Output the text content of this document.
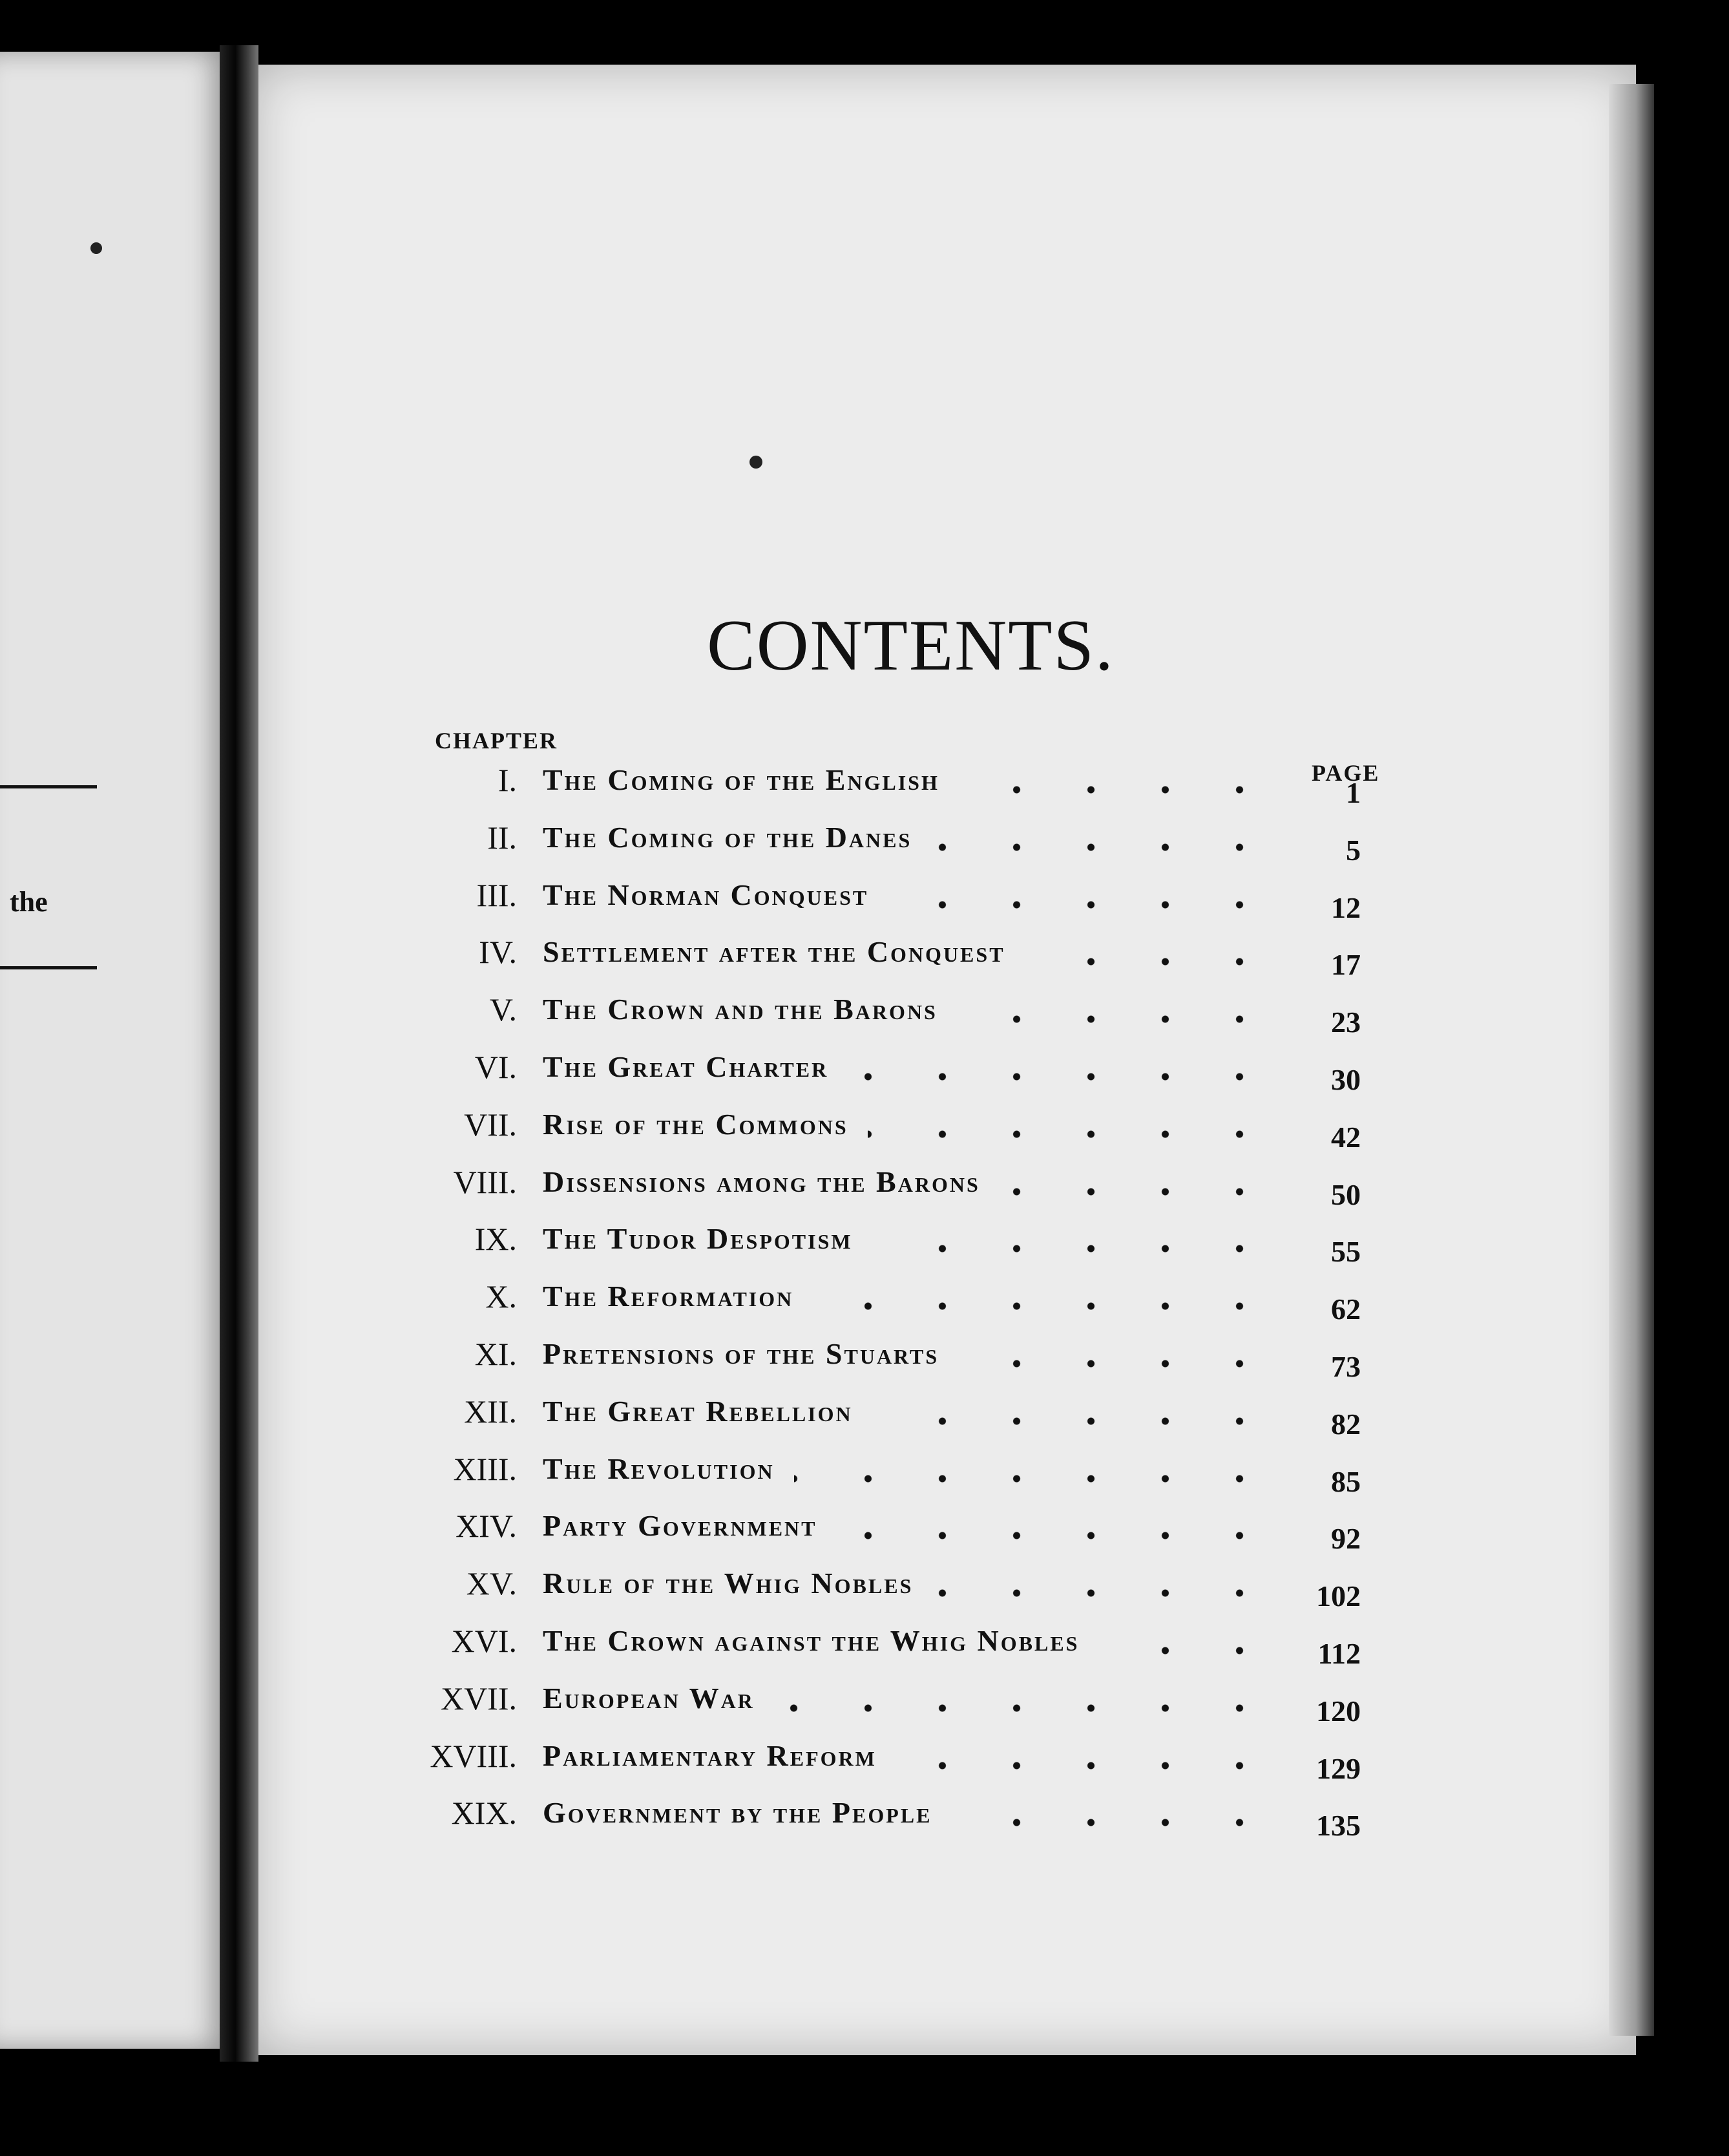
the
CONTENTS.
CHAPTER
PAGE
I. The Coming of the English	1
II. The Coming of the Danes	5
III. The Norman Conquest	12
IV. Settlement after the Conquest	17
V. The Crown and the Barons	23
VI. The Great Charter	30
VII. Rise of the Commons	42
VIII. Dissensions among the Barons	50
IX. The Tudor Despotism	55
X. The Reformation	62
XI. Pretensions of the Stuarts	73
XII. The Great Rebellion	82
XIII. The Revolution	85
XIV. Party Government	92
XV. Rule of the Whig Nobles	102
XVI. The Crown against the Whig Nobles	112
XVII. European War	120
XVIII. Parliamentary Reform	129
XIX. Government by the People	135
